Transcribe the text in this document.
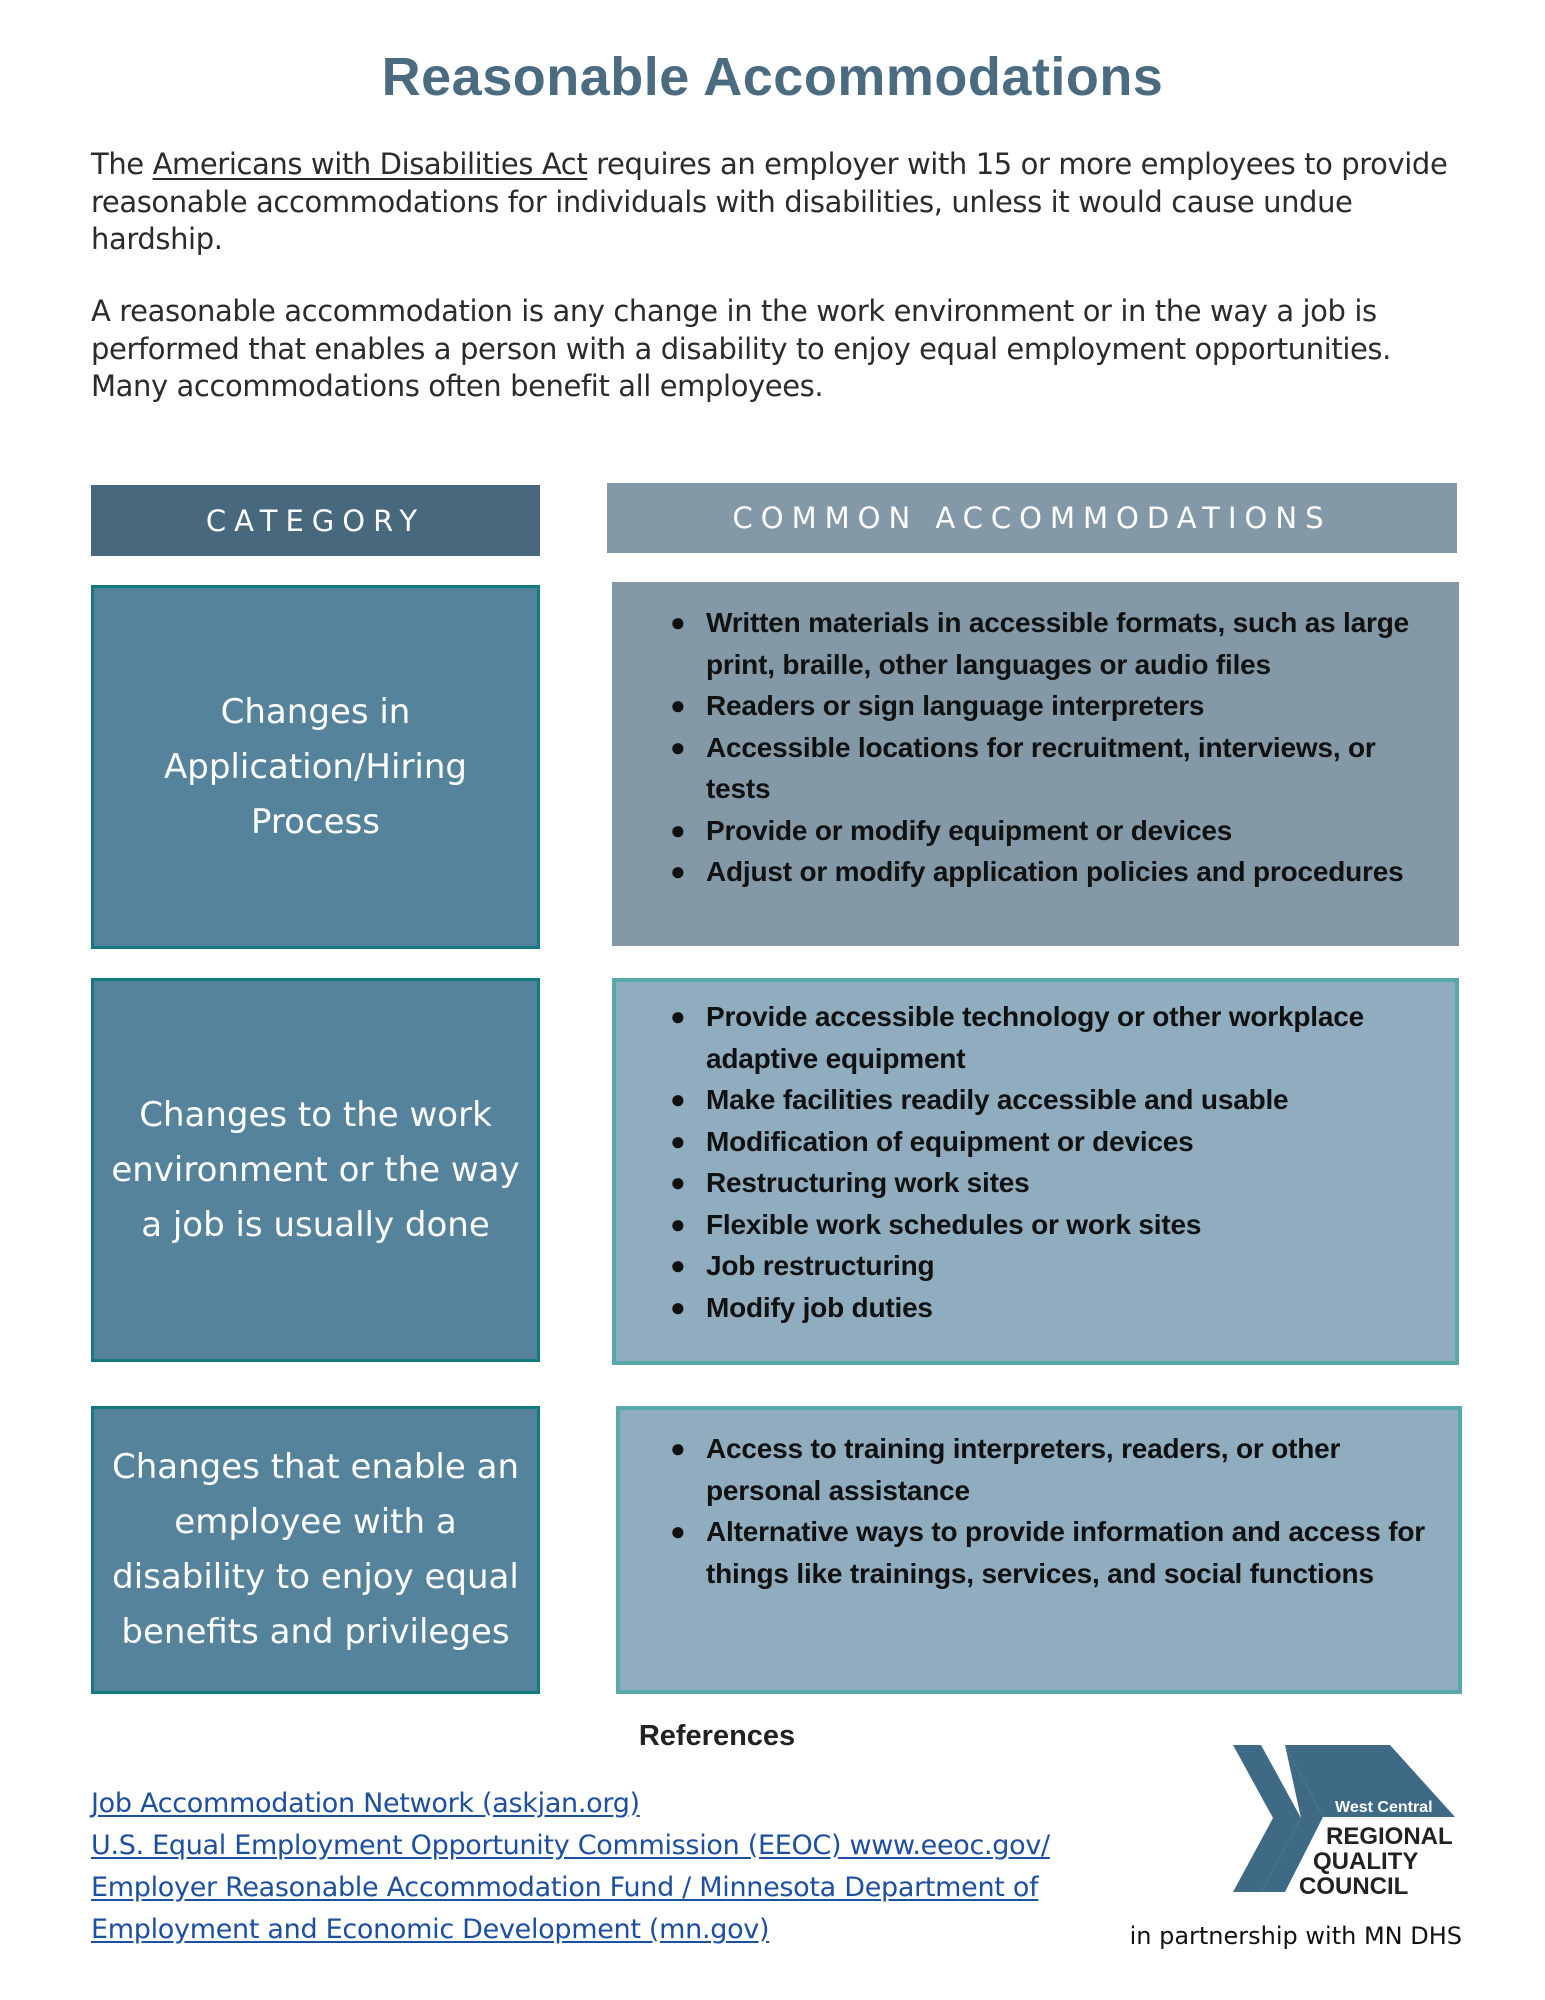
Reasonable Accommodations
The Americans with Disabilities Act requires an employer with 15 or more employees to provide reasonable accommodations for individuals with disabilities, unless it would cause undue hardship.
A reasonable accommodation is any change in the work environment or in the way a job is performed that enables a person with a disability to enjoy equal employment opportunities. Many accommodations often benefit all employees.
CATEGORY	COMMON ACCOMMODATIONS
Changes in Application/Hiring Process
● Written materials in accessible formats, such as large print, braille, other languages or audio files
● Readers or sign language interpreters
● Accessible locations for recruitment, interviews, or tests
● Provide or modify equipment or devices
● Adjust or modify application policies and procedures
Changes to the work environment or the way a job is usually done
● Provide accessible technology or other workplace adaptive equipment
● Make facilities readily accessible and usable
● Modification of equipment or devices
● Restructuring work sites
● Flexible work schedules or work sites
● Job restructuring
● Modify job duties
Changes that enable an employee with a disability to enjoy equal benefits and privileges
● Access to training interpreters, readers, or other personal assistance
● Alternative ways to provide information and access for things like trainings, services, and social functions
References
Job Accommodation Network (askjan.org)
U.S. Equal Employment Opportunity Commission (EEOC) www.eeoc.gov/
Employer Reasonable Accommodation Fund / Minnesota Department of
Employment and Economic Development (mn.gov)
West Central
REGIONAL
QUALITY
COUNCIL
in partnership with MN DHS
